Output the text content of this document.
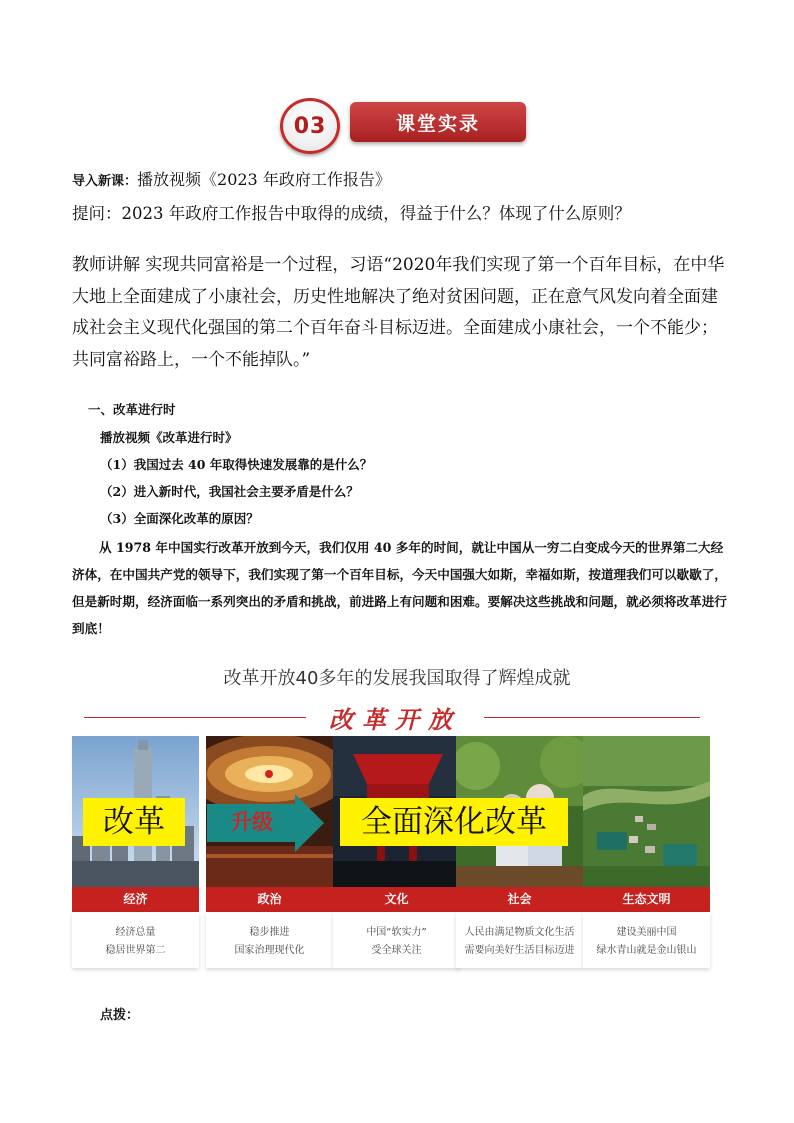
03	课堂实录
导入新课：播放视频《2023 年政府工作报告》
提问：2023 年政府工作报告中取得的成绩，得益于什么？体现了什么原则？
教师讲解 实现共同富裕是一个过程，习语“2020年我们实现了第一个百年目标，在中华大地上全面建成了小康社会，历史性地解决了绝对贫困问题，正在意气风发向着全面建成社会主义现代化强国的第二个百年奋斗目标迈进。全面建成小康社会，一个不能少；共同富裕路上，一个不能掉队。”
一、改革进行时
播放视频《改革进行时》
（1）我国过去 40 年取得快速发展靠的是什么？
（2）进入新时代，我国社会主要矛盾是什么？
（3）全面深化改革的原因？
从 1978 年中国实行改革开放到今天，我们仅用 40 多年的时间，就让中国从一穷二白变成今天的世界第二大经济体，在中国共产党的领导下，我们实现了第一个百年目标，今天中国强大如斯，幸福如斯，按道理我们可以歇歇了，但是新时期，经济面临一系列突出的矛盾和挑战，前进路上有问题和困难。要解决这些挑战和问题，就必须将改革进行到底！
改革开放40多年的发展我国取得了辉煌成就
改革开放
经济
经济总量
稳居世界第二
政治
稳步推进
国家治理现代化
文化
中国“软实力”
受全球关注
社会
人民由满足物质文化生活
需要向美好生活目标迈进
生态文明
建设美丽中国
绿水青山就是金山银山
改革	升级	全面深化改革
点拨：
